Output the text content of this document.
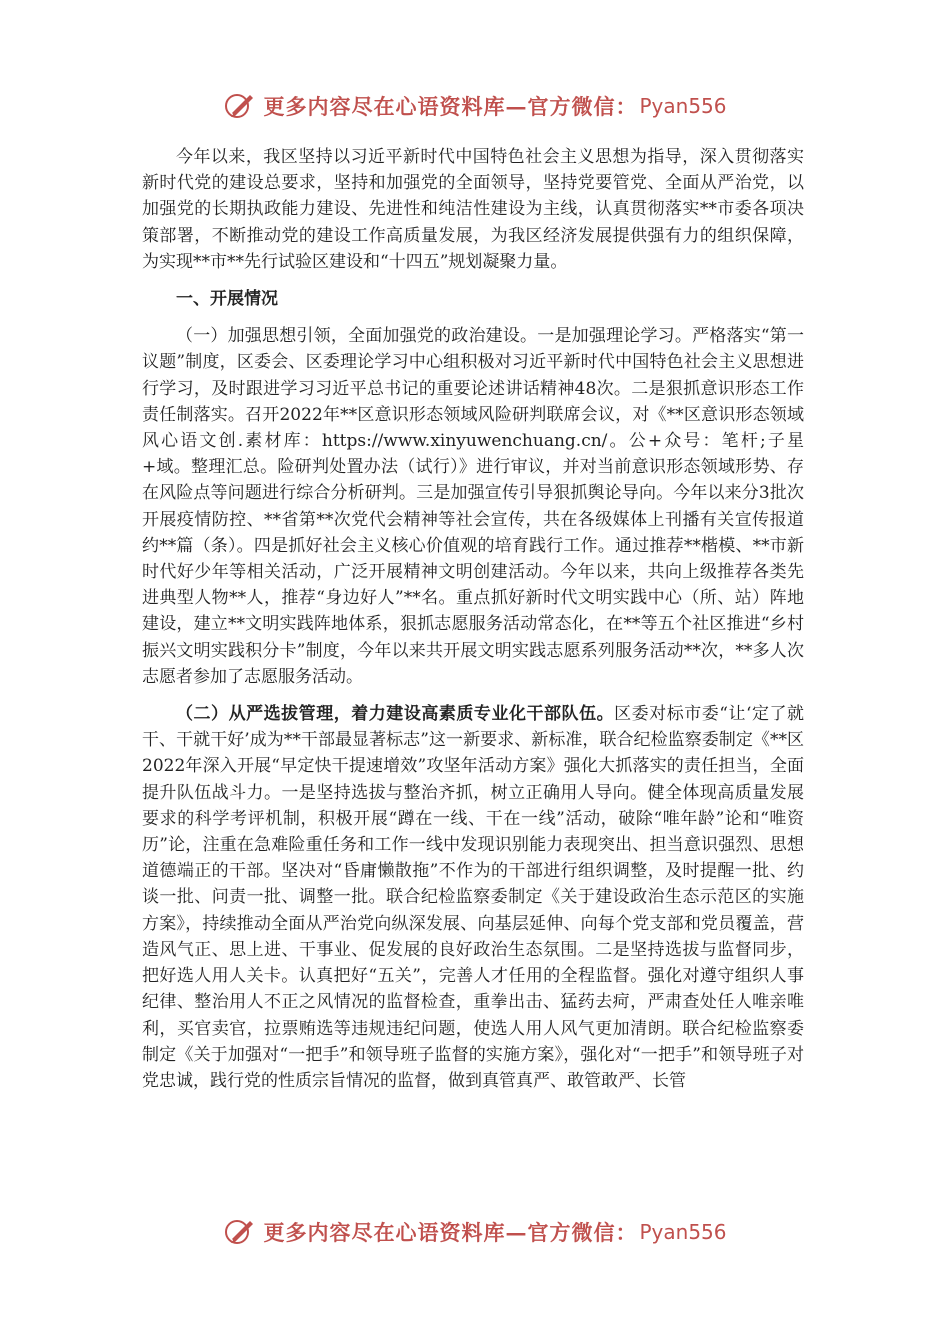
更多内容尽在心语资料库—官方微信： Pyan556

今年以来，我区坚持以习近平新时代中国特色社会主义思想为指导，深入贯彻落实新时代党的建设总要求，坚持和加强党的全面领导，坚持党要管党、全面从严治党，以加强党的长期执政能力建设、先进性和纯洁性建设为主线，认真贯彻落实**市委各项决策部署，不断推动党的建设工作高质量发展，为我区经济发展提供强有力的组织保障，为实现**市**先行试验区建设和“十四五”规划凝聚力量。

一、开展情况

（一）加强思想引领，全面加强党的政治建设。一是加强理论学习。严格落实“第一议题”制度，区委会、区委理论学习中心组积极对习近平新时代中国特色社会主义思想进行学习，及时跟进学习习近平总书记的重要论述讲话精神48次。二是狠抓意识形态工作责任制落实。召开2022年**区意识形态领域风险研判联席会议，对《**区意识形态领域风心语文创.素材库：https://www.xinyuwenchuang.cn/。公+众号：笔杆;子星+域。整理汇总。险研判处置办法（试行）》进行审议，并对当前意识形态领域形势、存在风险点等问题进行综合分析研判。三是加强宣传引导狠抓舆论导向。今年以来分3批次开展疫情防控、**省第**次党代会精神等社会宣传，共在各级媒体上刊播有关宣传报道约**篇（条）。四是抓好社会主义核心价值观的培育践行工作。通过推荐**楷模、**市新时代好少年等相关活动，广泛开展精神文明创建活动。今年以来，共向上级推荐各类先进典型人物**人，推荐“身边好人”**名。重点抓好新时代文明实践中心（所、站）阵地建设，建立**文明实践阵地体系，狠抓志愿服务活动常态化，在**等五个社区推进“乡村振兴文明实践积分卡”制度，今年以来共开展文明实践志愿系列服务活动**次，**多人次志愿者参加了志愿服务活动。

（二）从严选拔管理，着力建设高素质专业化干部队伍。区委对标市委“让‘定了就干、干就干好’成为**干部最显著标志”这一新要求、新标准，联合纪检监察委制定《**区2022年深入开展“早定快干提速增效”攻坚年活动方案》强化大抓落实的责任担当，全面提升队伍战斗力。一是坚持选拔与整治齐抓，树立正确用人导向。健全体现高质量发展要求的科学考评机制，积极开展“蹲在一线、干在一线”活动，破除“唯年龄”论和“唯资历”论，注重在急难险重任务和工作一线中发现识别能力表现突出、担当意识强烈、思想道德端正的干部。坚决对“昏庸懒散拖”不作为的干部进行组织调整，及时提醒一批、约谈一批、问责一批、调整一批。联合纪检监察委制定《关于建设政治生态示范区的实施方案》，持续推动全面从严治党向纵深发展、向基层延伸、向每个党支部和党员覆盖，营造风气正、思上进、干事业、促发展的良好政治生态氛围。二是坚持选拔与监督同步，把好选人用人关卡。认真把好“五关”，完善人才任用的全程监督。强化对遵守组织人事纪律、整治用人不正之风情况的监督检查，重拳出击、猛药去疴，严肃查处任人唯亲唯利，买官卖官，拉票贿选等违规违纪问题，使选人用人风气更加清朗。联合纪检监察委制定《关于加强对“一把手”和领导班子监督的实施方案》，强化对“一把手”和领导班子对党忠诚，践行党的性质宗旨情况的监督，做到真管真严、敢管敢严、长管

更多内容尽在心语资料库—官方微信： Pyan556
